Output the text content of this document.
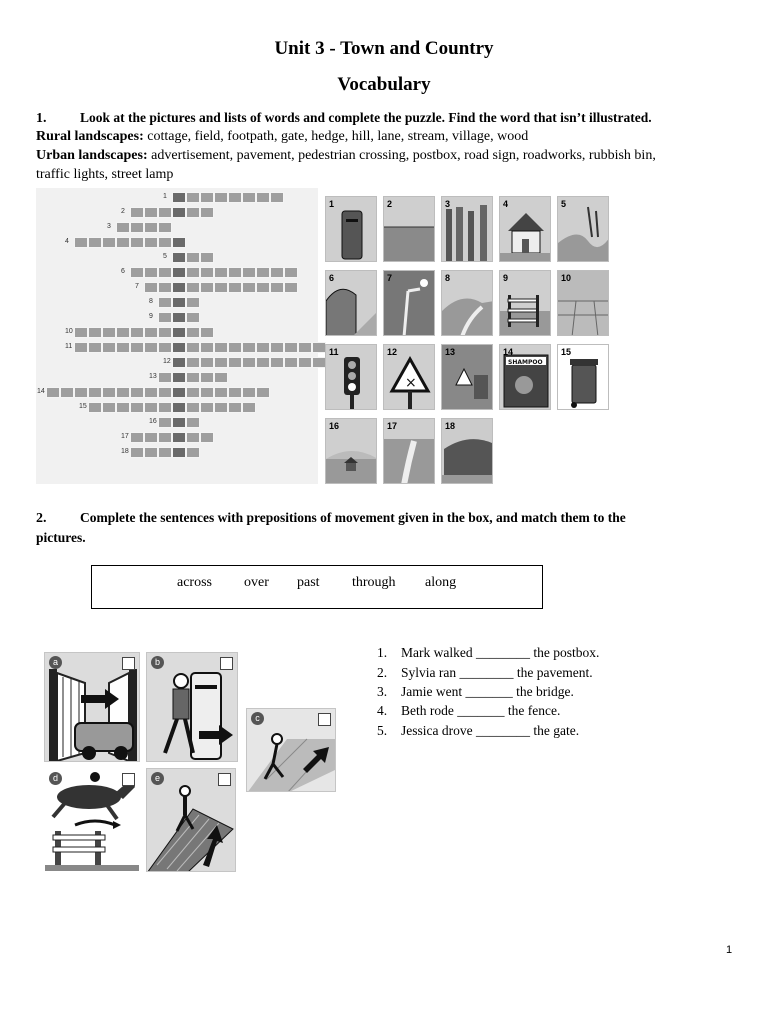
Unit 3 - Town and Country
Vocabulary
1. Look at the pictures and lists of words and complete the puzzle. Find the word that isn’t illustrated.
Rural landscapes: cottage, field, footpath, gate, hedge, hill, lane, stream, village, wood
Urban landscapes: advertisement, pavement, pedestrian crossing, postbox, road sign, roadworks, rubbish bin,
traffic lights, street lamp
1
2
3
4
5
6
7
8
9
10
11
12
13
14
15
16
17
18
1	2	3	4	5
6	7	8	9	10
11	12
×
13	14
SHAMPOO
15
16	17	18
2. Complete the sentences with prepositions of movement given in the box, and match them to the
pictures.
across over past through along
1. Mark walked ________ the postbox.
2. Sylvia ran ________ the pavement.
3. Jamie went _______ the bridge.
4. Beth rode _______ the fence.
5. Jessica drove ________ the gate.
a	b
c
d	e
1
